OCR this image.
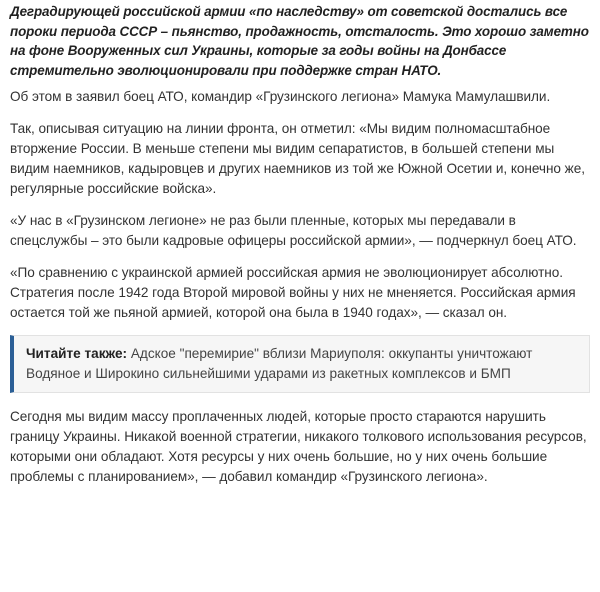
Деградирующей российской армии «по наследству» от советской достались все пороки периода СССР – пьянство, продажность, отсталость. Это хорошо заметно на фоне Вооруженных сил Украины, которые за годы войны на Донбассе стремительно эволюционировали при поддержке стран НАТО.

Об этом в заявил боец АТО, командир «Грузинского легиона» Мамука Мамулашвили.

Так, описывая ситуацию на линии фронта, он отметил: «Мы видим полномасштабное вторжение России. В меньше степени мы видим сепаратистов, в большей степени мы видим наемников, кадыровцев и других наемников из той же Южной Осетии и, конечно же, регулярные российские войска».

«У нас в «Грузинском легионе» не раз были пленные, которых мы передавали в спецслужбы – это были кадровые офицеры российской армии», — подчеркнул боец АТО.

«По сравнению с украинской армией российская армия не эволюционирует абсолютно. Стратегия после 1942 года Второй мировой войны у них не мненяется. Российская армия остается той же пьяной армией, которой она была в 1940 годах», — сказал он.

Читайте также: Адское "перемирие" вблизи Мариуполя: оккупанты уничтожают Водяное и Широкино сильнейшими ударами из ракетных комплексов и БМП

Сегодня мы видим массу проплаченных людей, которые просто стараются нарушить границу Украины. Никакой военной стратегии, никакого толкового использования ресурсов, которыми они обладают. Хотя ресурсы у них очень большие, но у них очень большие проблемы с планированием», — добавил командир «Грузинского легиона».
